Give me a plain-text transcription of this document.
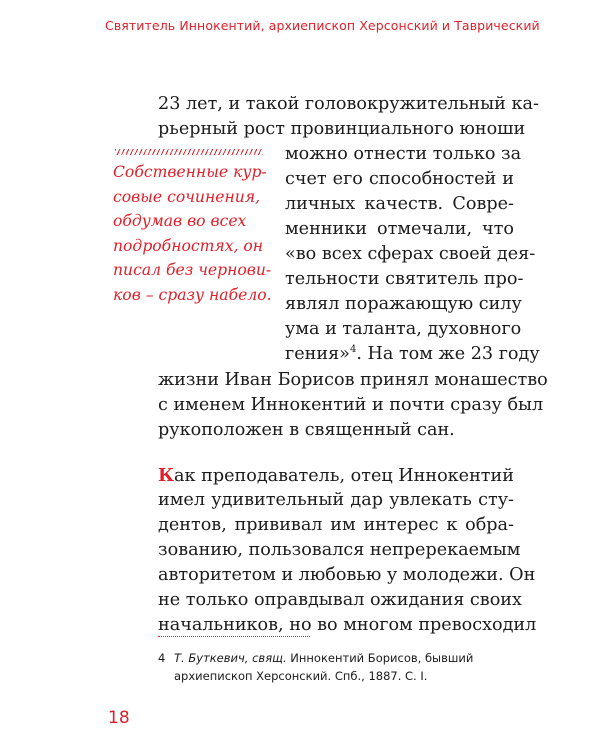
Святитель Иннокентий, архиепископ Херсонский и Таврический
23 лет, и такой головокружительный ка-
рьерный рост провинциального юноши
можно отнести только за
счет его способностей и
личных качеств. Совре-
менники отмечали, что
«во всех сферах своей дея-
тельности святитель про-
являл поражающую силу
ума и таланта, духовного
гения»$^4$. На том же 23 году
жизни Иван Борисов принял монашество
с именем Иннокентий и почти сразу был
рукоположен в священный сан.
Как преподаватель, отец Иннокентий
имел удивительный дар увлекать сту-
дентов, прививал им интерес к обра-
зованию, пользовался непререкаемым
авторитетом и любовью у молодежи. Он
не только оправдывал ожидания своих
начальников, но во многом превосходил
Собственные кур-
совые сочинения,
обдумав во всех
подробностях, он
писал без чернови-
ков – сразу набело.
4 Т. Буткевич, свящ. Иннокентий Борисов, бывший
архиепископ Херсонский. Спб., 1887. С. I.
18
